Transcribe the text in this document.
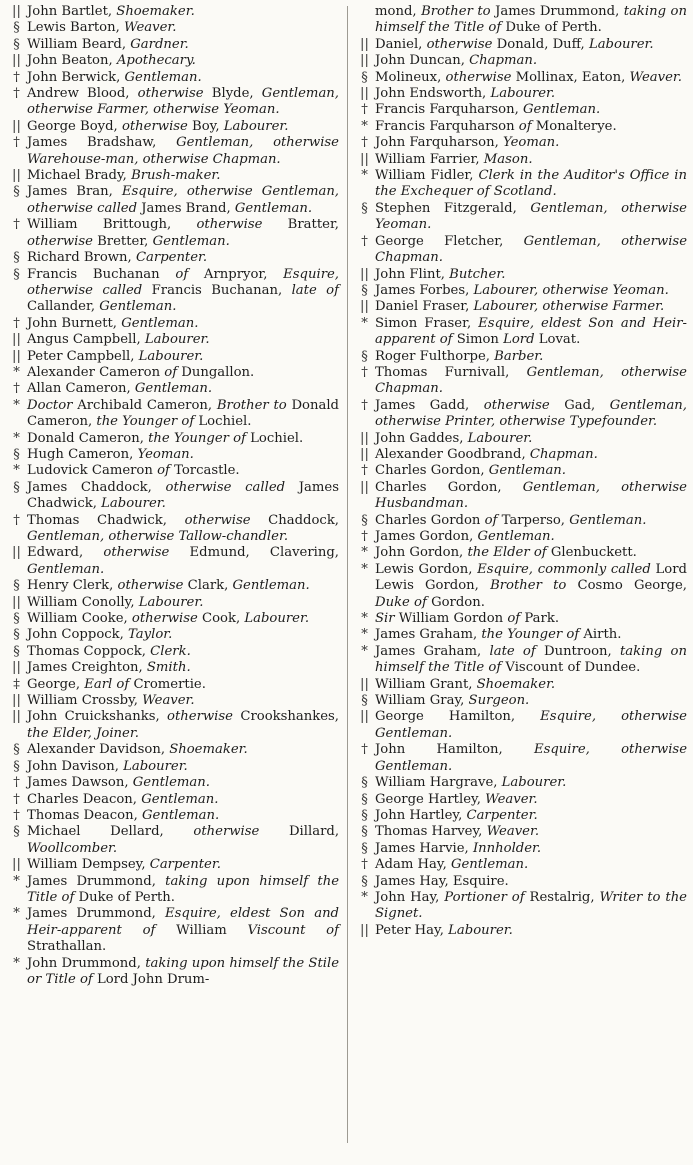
|| John Bartlet, Shoemaker.

§ Lewis Barton, Weaver.

§ William Beard, Gardner.

|| John Beaton, Apothecary.

† John Berwick, Gentleman.

† Andrew Blood, otherwise Blyde, Gentleman, otherwise Farmer, otherwise Yeoman.

|| George Boyd, otherwise Boy, Labourer.

† James Bradshaw, Gentleman, otherwise Warehouse-man, otherwise Chapman.

|| Michael Brady, Brush-maker.

§ James Bran, Esquire, otherwise Gentleman, otherwise called James Brand, Gentleman.

† William Brittough, otherwise Bratter, otherwise Bretter, Gentleman.

§ Richard Brown, Carpenter.

§ Francis Buchanan of Arnpryor, Esquire, otherwise called Francis Buchanan, late of Callander, Gentleman.

† John Burnett, Gentleman.

|| Angus Campbell, Labourer.

|| Peter Campbell, Labourer.

* Alexander Cameron of Dungallon.

† Allan Cameron, Gentleman.

* Doctor Archibald Cameron, Brother to Donald Cameron, the Younger of Lochiel.

* Donald Cameron, the Younger of Lochiel.

§ Hugh Cameron, Yeoman.

* Ludovick Cameron of Torcastle.

§ James Chaddock, otherwise called James Chadwick, Labourer.

† Thomas Chadwick, otherwise Chaddock, Gentleman, otherwise Tallow-chandler.

|| Edward, otherwise Edmund, Clavering, Gentleman.

§ Henry Clerk, otherwise Clark, Gentleman.

|| William Conolly, Labourer.

§ William Cooke, otherwise Cook, Labourer.

§ John Coppock, Taylor.

§ Thomas Coppock, Clerk.

|| James Creighton, Smith.

‡ George, Earl of Cromertie.

|| William Crossby, Weaver.

|| John Cruickshanks, otherwise Crookshankes, the Elder, Joiner.

§ Alexander Davidson, Shoemaker.

§ John Davison, Labourer.

† James Dawson, Gentleman.

† Charles Deacon, Gentleman.

† Thomas Deacon, Gentleman.

§ Michael Dellard, otherwise Dillard, Woollcomber.

|| William Dempsey, Carpenter.

* James Drummond, taking upon himself the Title of Duke of Perth.

* James Drummond, Esquire, eldest Son and Heir-apparent of William Viscount of Strathallan.

* John Drummond, taking upon himself the Stile or Title of Lord John Drum-

mond, Brother to James Drummond, taking on himself the Title of Duke of Perth.

|| Daniel, otherwise Donald, Duff, Labourer.

|| John Duncan, Chapman.

§ Molineux, otherwise Mollinax, Eaton, Weaver.

|| John Endsworth, Labourer.

† Francis Farquharson, Gentleman.

* Francis Farquharson of Monalterye.

† John Farquharson, Yeoman.

|| William Farrier, Mason.

* William Fidler, Clerk in the Auditor's Office in the Exchequer of Scotland.

§ Stephen Fitzgerald, Gentleman, otherwise Yeoman.

† George Fletcher, Gentleman, otherwise Chapman.

|| John Flint, Butcher.

§ James Forbes, Labourer, otherwise Yeoman.

|| Daniel Fraser, Labourer, otherwise Farmer.

* Simon Fraser, Esquire, eldest Son and Heir-apparent of Simon Lord Lovat.

§ Roger Fulthorpe, Barber.

† Thomas Furnivall, Gentleman, otherwise Chapman.

† James Gadd, otherwise Gad, Gentleman, otherwise Printer, otherwise Typefounder.

|| John Gaddes, Labourer.

|| Alexander Goodbrand, Chapman.

† Charles Gordon, Gentleman.

|| Charles Gordon, Gentleman, otherwise Husbandman.

§ Charles Gordon of Tarperso, Gentleman.

† James Gordon, Gentleman.

* John Gordon, the Elder of Glenbuckett.

* Lewis Gordon, Esquire, commonly called Lord Lewis Gordon, Brother to Cosmo George, Duke of Gordon.

* Sir William Gordon of Park.

* James Graham, the Younger of Airth.

* James Graham, late of Duntroon, taking on himself the Title of Viscount of Dundee.

|| William Grant, Shoemaker.

§ William Gray, Surgeon.

|| George Hamilton, Esquire, otherwise Gentleman.

† John Hamilton, Esquire, otherwise Gentleman.

§ William Hargrave, Labourer.

§ George Hartley, Weaver.

§ John Hartley, Carpenter.

§ Thomas Harvey, Weaver.

§ James Harvie, Innholder.

† Adam Hay, Gentleman.

§ James Hay, Esquire.

* John Hay, Portioner of Restalrig, Writer to the Signet.

|| Peter Hay, Labourer.
